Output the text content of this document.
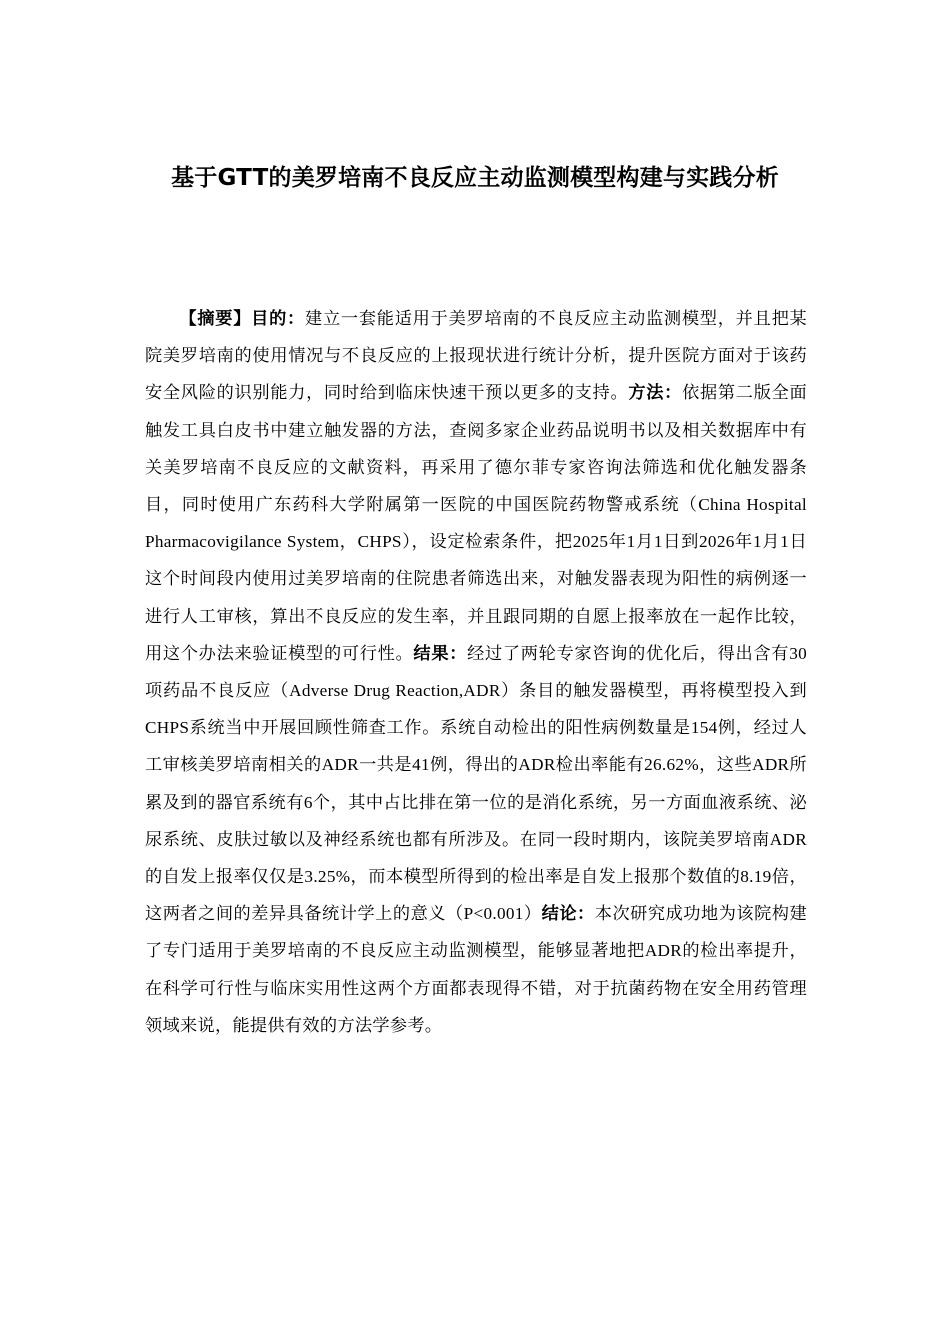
基于GTT的美罗培南不良反应主动监测模型构建与实践分析

【摘要】目的：建立一套能适用于美罗培南的不良反应主动监测模型，并且把某院美罗培南的使用情况与不良反应的上报现状进行统计分析，提升医院方面对于该药安全风险的识别能力，同时给到临床快速干预以更多的支持。方法：依据第二版全面触发工具白皮书中建立触发器的方法，查阅多家企业药品说明书以及相关数据库中有关美罗培南不良反应的文献资料，再采用了德尔菲专家咨询法筛选和优化触发器条目，同时使用广东药科大学附属第一医院的中国医院药物警戒系统（China Hospital Pharmacovigilance System，CHPS），设定检索条件，把2025年1月1日到2026年1月1日这个时间段内使用过美罗培南的住院患者筛选出来，对触发器表现为阳性的病例逐一进行人工审核，算出不良反应的发生率，并且跟同期的自愿上报率放在一起作比较，用这个办法来验证模型的可行性。结果：经过了两轮专家咨询的优化后，得出含有30项药品不良反应（Adverse Drug Reaction,ADR）条目的触发器模型，再将模型投入到CHPS系统当中开展回顾性筛查工作。系统自动检出的阳性病例数量是154例，经过人工审核美罗培南相关的ADR一共是41例，得出的ADR检出率能有26.62%，这些ADR所累及到的器官系统有6个，其中占比排在第一位的是消化系统，另一方面血液系统、泌尿系统、皮肤过敏以及神经系统也都有所涉及。在同一段时期内，该院美罗培南ADR的自发上报率仅仅是3.25%，而本模型所得到的检出率是自发上报那个数值的8.19倍，这两者之间的差异具备统计学上的意义（P<0.001）结论：本次研究成功地为该院构建了专门适用于美罗培南的不良反应主动监测模型，能够显著地把ADR的检出率提升，在科学可行性与临床实用性这两个方面都表现得不错，对于抗菌药物在安全用药管理领域来说，能提供有效的方法学参考。
